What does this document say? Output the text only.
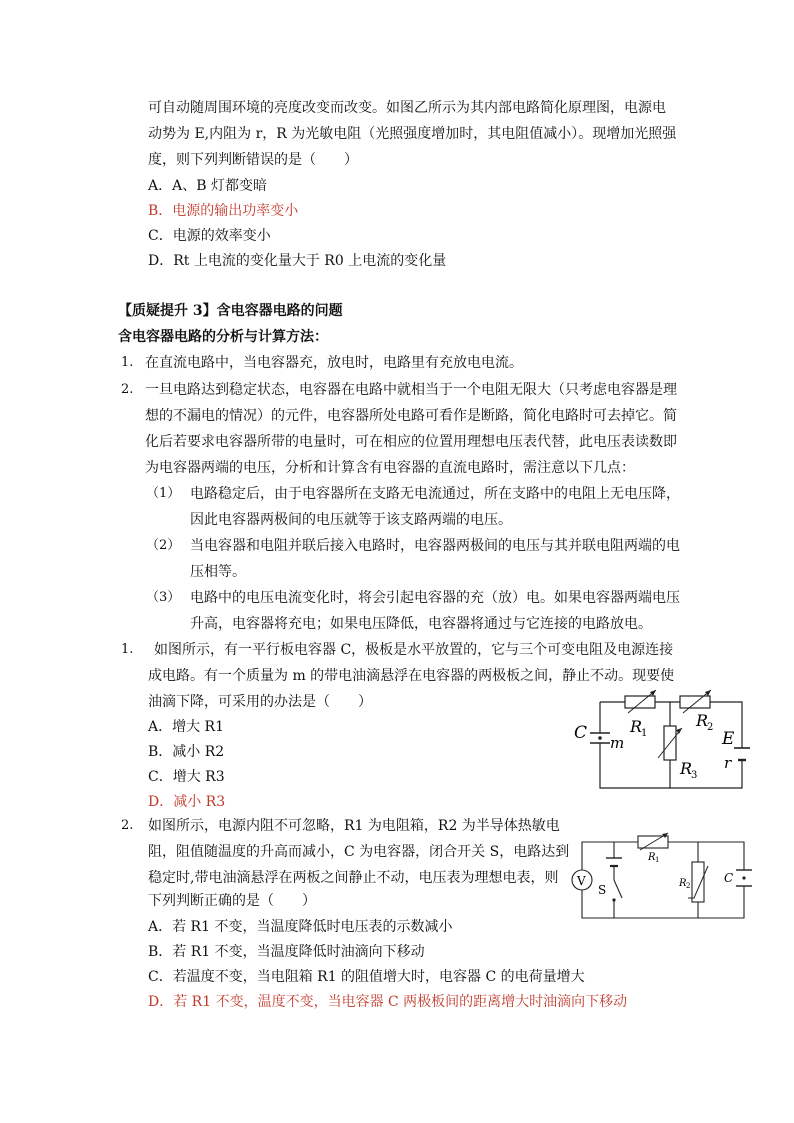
可自动随周围环境的亮度改变而改变。如图乙所示为其内部电路简化原理图，电源电
动势为 E,内阻为 r，R 为光敏电阻（光照强度增加时，其电阻值减小）。现增加光照强
度，则下列判断错误的是（　　）
A．A、B 灯都变暗
B．电源的输出功率变小
C．电源的效率变小
D．Rt 上电流的变化量大于 R0 上电流的变化量
【质疑提升 3】含电容器电路的问题
含电容器电路的分析与计算方法：
1. 在直流电路中，当电容器充，放电时，电路里有充放电电流。
2. 一旦电路达到稳定状态，电容器在电路中就相当于一个电阻无限大（只考虑电容器是理
想的不漏电的情况）的元件，电容器所处电路可看作是断路，简化电路时可去掉它。简
化后若要求电容器所带的电量时，可在相应的位置用理想电压表代替，此电压表读数即
为电容器两端的电压，分析和计算含有电容器的直流电路时，需注意以下几点：
（1） 电路稳定后，由于电容器所在支路无电流通过，所在支路中的电阻上无电压降，
因此电容器两极间的电压就等于该支路两端的电压。
（2） 当电容器和电阻并联后接入电路时，电容器两极间的电压与其并联电阻两端的电
压相等。
（3） 电路中的电压电流变化时，将会引起电容器的充（放）电。如果电容器两端电压
升高，电容器将充电；如果电压降低，电容器将通过与它连接的电路放电。
1. 如图所示，有一平行板电容器 C，极板是水平放置的，它与三个可变电阻及电源连接
成电路。有一个质量为 m 的带电油滴悬浮在电容器的两极板之间，静止不动。现要使
油滴下降，可采用的办法是（　　）
A．增大 R1
B．减小 R2
C．增大 R3
D．减小 R3
C m
R
1
R
2
R
3
E
r
2. 如图所示，电源内阻不可忽略，R1 为电阻箱，R2 为半导体热敏电
阻，阻值随温度的升高而减小，C 为电容器，闭合开关 S，电路达到
稳定时,带电油滴悬浮在两板之间静止不动，电压表为理想电表，则
下列判断正确的是（　　）
A．若 R1 不变，当温度降低时电压表的示数减小
B．若 R1 不变，当温度降低时油滴向下移动
C．若温度不变，当电阻箱 R1 的阻值增大时，电容器 C 的电荷量增大
D．若 R1 不变，温度不变，当电容器 C 两极板间的距离增大时油滴向下移动
V
S
R 1
R 2
C
